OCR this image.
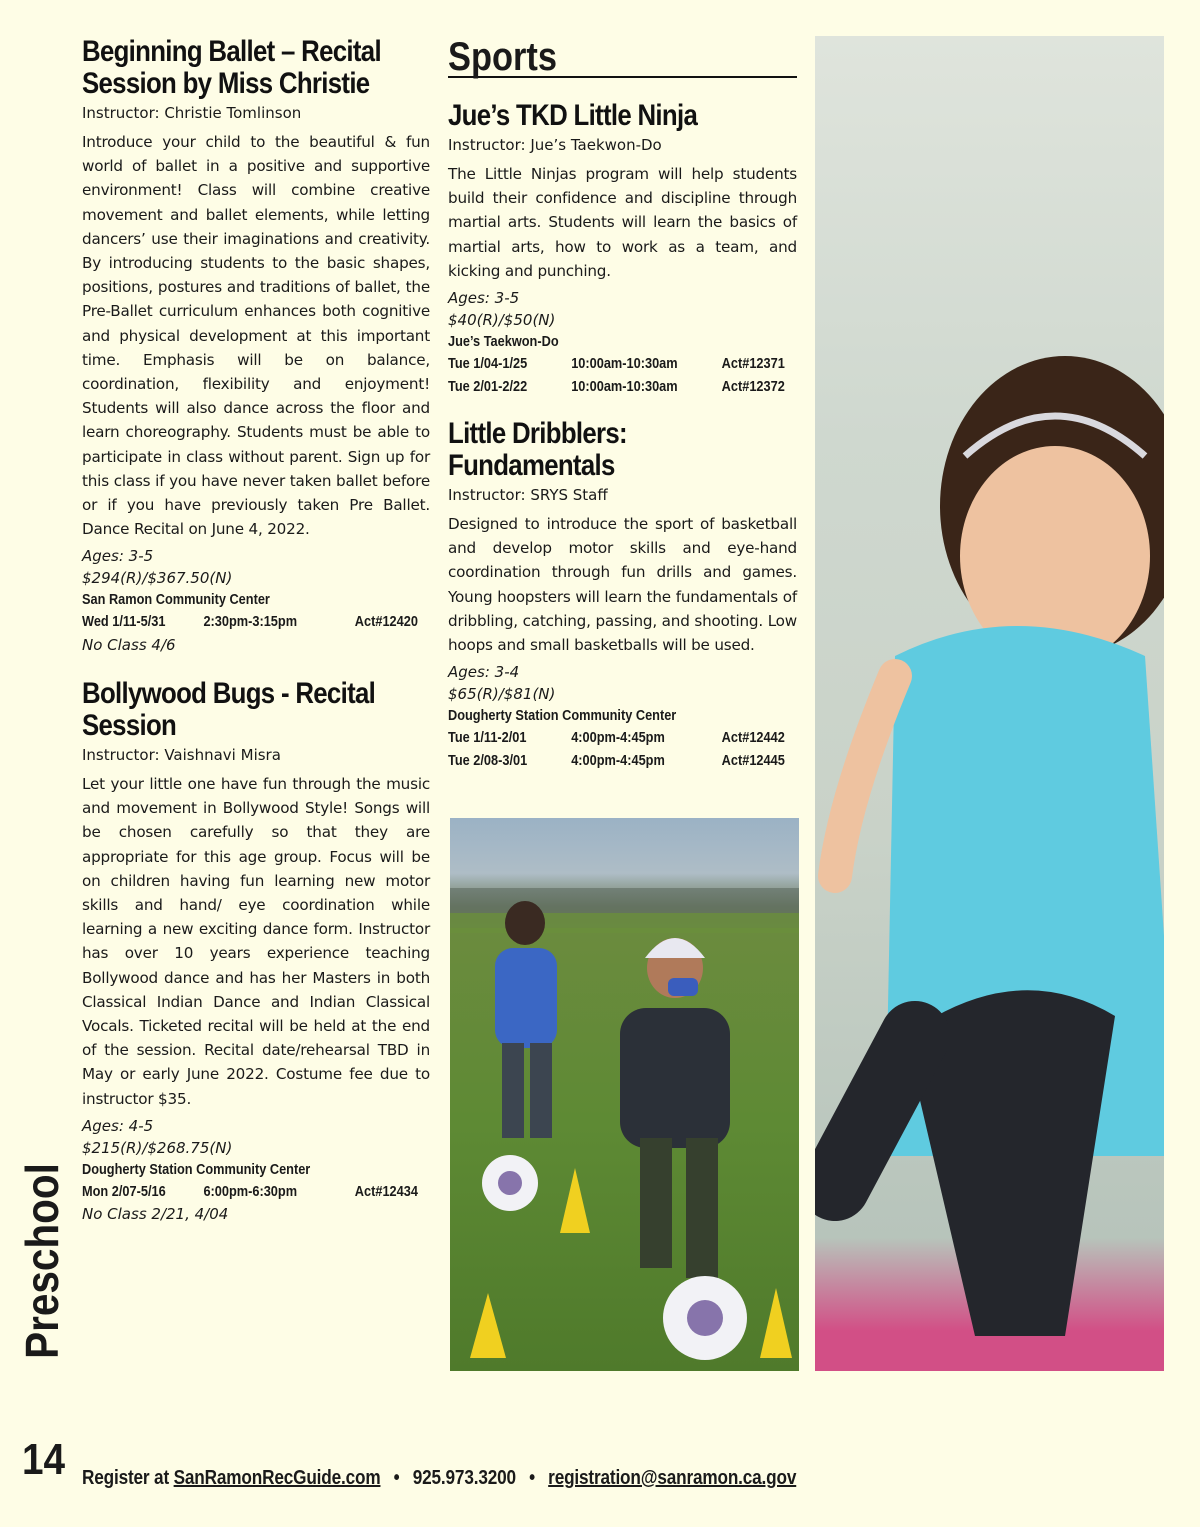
Beginning Ballet – Recital Session by Miss Christie

Instructor: Christie Tomlinson

Introduce your child to the beautiful & fun world of ballet in a positive and supportive environment! Class will combine creative movement and ballet elements, while letting dancers’ use their imaginations and creativity. By introducing students to the basic shapes, positions, postures and traditions of ballet, the Pre-Ballet curriculum enhances both cognitive and physical development at this important time. Emphasis will be on balance, coordination, flexibility and enjoyment! Students will also dance across the floor and learn choreography. Students must be able to participate in class without parent. Sign up for this class if you have never taken ballet before or if you have previously taken Pre Ballet. Dance Recital on June 4, 2022.

Ages: 3-5

$294(R)/$367.50(N)

San Ramon Community Center

Wed 1/11-5/31	2:30pm-3:15pm	Act#12420

No Class 4/6

Bollywood Bugs - Recital Session

Instructor: Vaishnavi Misra

Let your little one have fun through the music and movement in Bollywood Style! Songs will be chosen carefully so that they are appropriate for this age group. Focus will be on children having fun learning new motor skills and hand/ eye coordination while learning a new exciting dance form. Instructor has over 10 years experience teaching Bollywood dance and has her Masters in both Classical Indian Dance and Indian Classical Vocals. Ticketed recital will be held at the end of the session. Recital date/rehearsal TBD in May or early June 2022. Costume fee due to instructor $35.

Ages: 4-5

$215(R)/$268.75(N)

Dougherty Station Community Center

Mon 2/07-5/16	6:00pm-6:30pm	Act#12434

No Class 2/21, 4/04

Sports
Jue’s TKD Little Ninja

Instructor: Jue’s Taekwon-Do

The Little Ninjas program will help students build their confidence and discipline through martial arts. Students will learn the basics of martial arts, how to work as a team, and kicking and punching.

Ages: 3-5

$40(R)/$50(N)

Jue’s Taekwon-Do

Tue 1/04-1/25	10:00am-10:30am	Act#12371
Tue 2/01-2/22	10:00am-10:30am	Act#12372
Little Dribblers: Fundamentals

Instructor: SRYS Staff

Designed to introduce the sport of basketball and develop motor skills and eye-hand coordination through fun drills and games. Young hoopsters will learn the fundamentals of dribbling, catching, passing, and shooting. Low hoops and small basketballs will be used.

Ages: 3-4

$65(R)/$81(N)

Dougherty Station Community Center

Tue 1/11-2/01	4:00pm-4:45pm	Act#12442
Tue 2/08-3/01	4:00pm-4:45pm	Act#12445
Preschool
14 Register at SanRamonRecGuide.com • 925.973.3200 • registration@sanramon.ca.gov
